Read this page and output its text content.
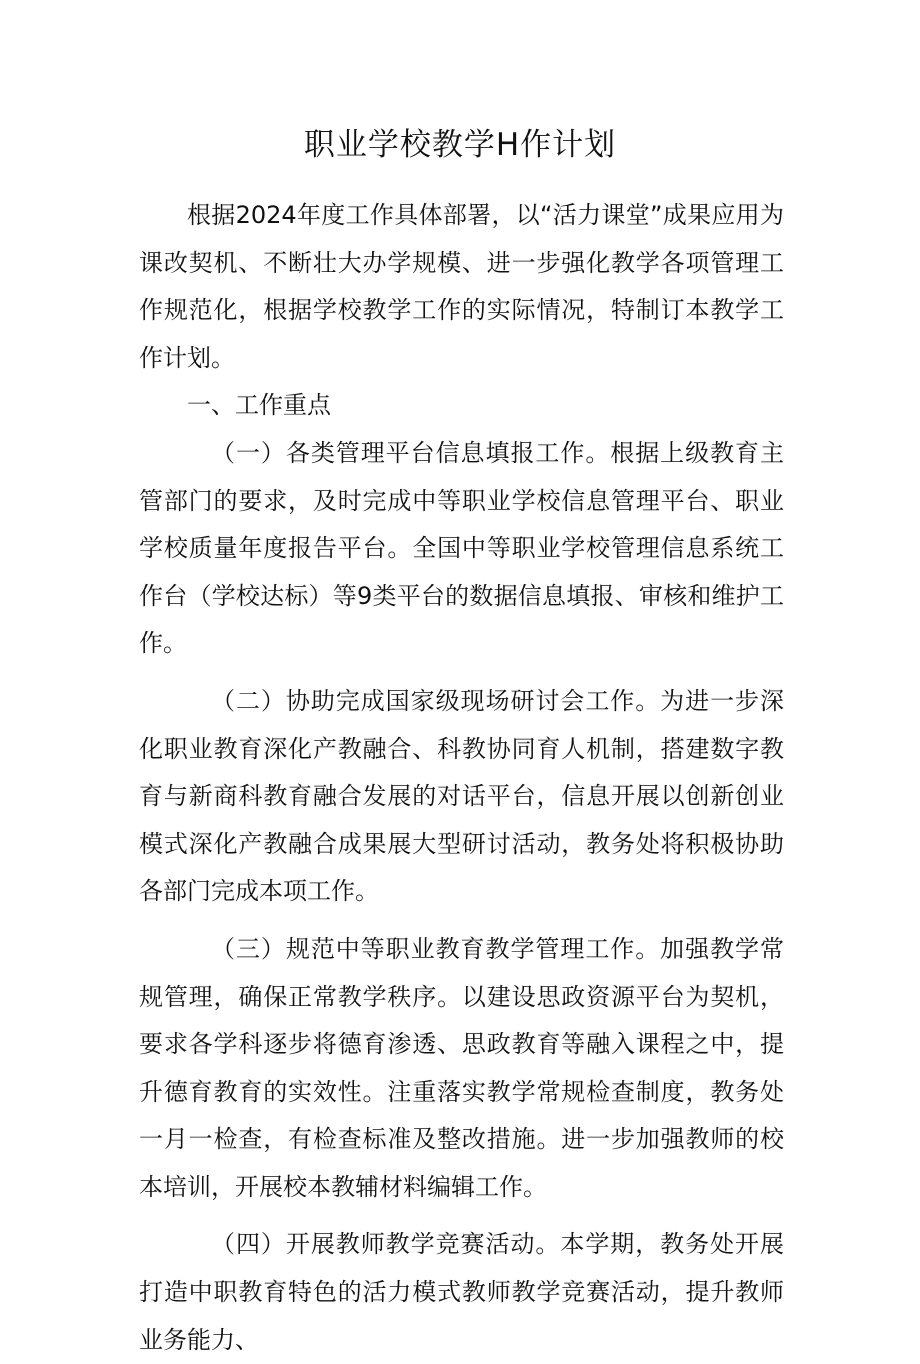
职业学校教学H作计划

根据2024年度工作具体部署，以“活力课堂”成果应用为课改契机、不断壮大办学规模、进一步强化教学各项管理工作规范化，根据学校教学工作的实际情况，特制订本教学工作计划。

一、工作重点

（一）各类管理平台信息填报工作。根据上级教育主管部门的要求，及时完成中等职业学校信息管理平台、职业学校质量年度报告平台。全国中等职业学校管理信息系统工作台（学校达标）等9类平台的数据信息填报、审核和维护工作。

（二）协助完成国家级现场研讨会工作。为进一步深化职业教育深化产教融合、科教协同育人机制，搭建数字教育与新商科教育融合发展的对话平台，信息开展以创新创业模式深化产教融合成果展大型研讨活动，教务处将积极协助各部门完成本项工作。

（三）规范中等职业教育教学管理工作。加强教学常规管理，确保正常教学秩序。以建设思政资源平台为契机，要求各学科逐步将德育渗透、思政教育等融入课程之中，提升德育教育的实效性。注重落实教学常规检查制度，教务处一月一检查，有检查标准及整改措施。进一步加强教师的校本培训，开展校本教辅材料编辑工作。

（四）开展教师教学竞赛活动。本学期，教务处开展打造中职教育特色的活力模式教师教学竞赛活动，提升教师业务能力、
